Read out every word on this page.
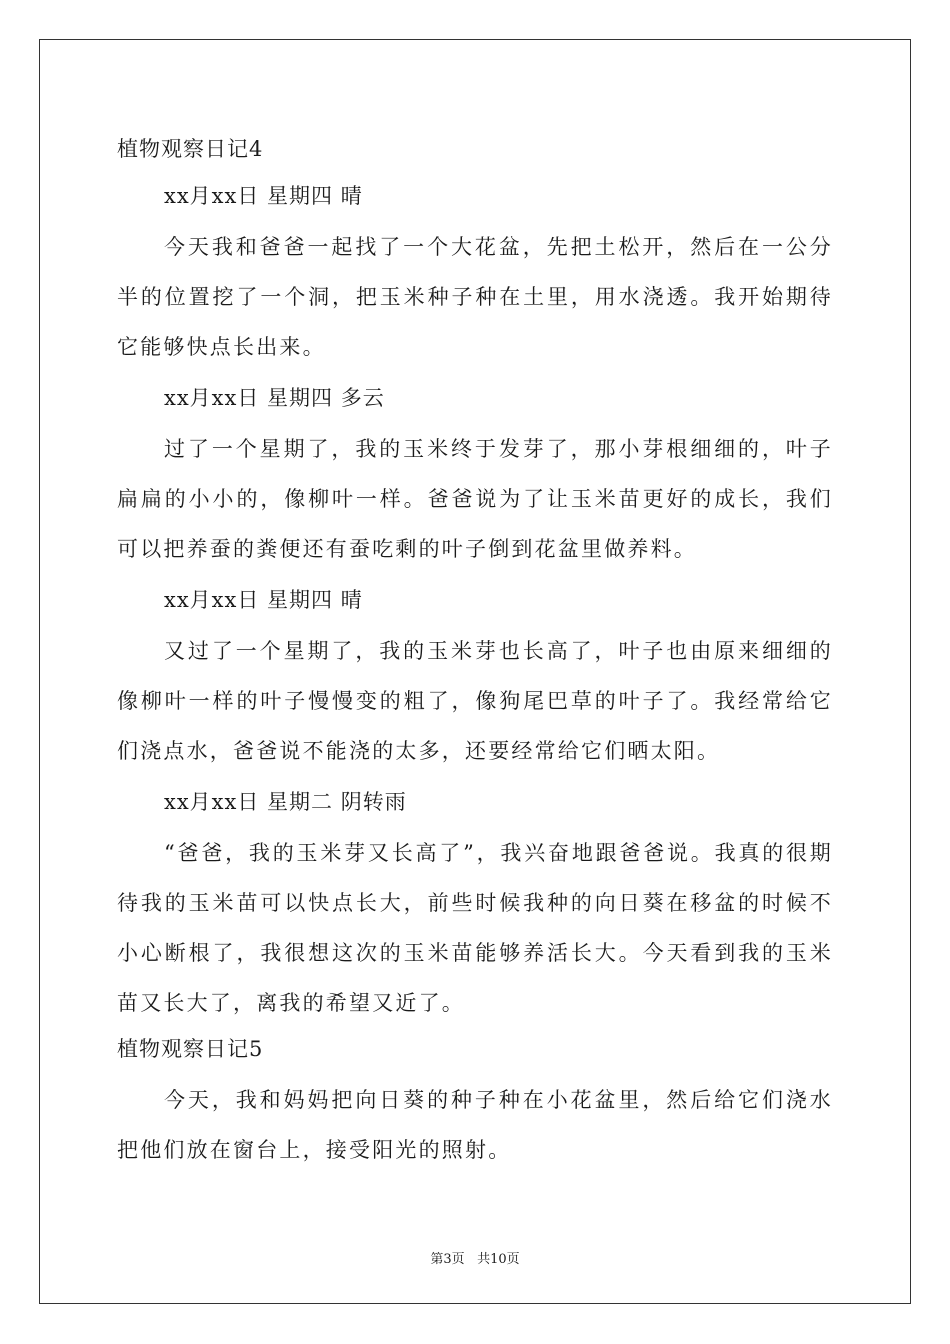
植物观察日记4
xx月xx日 星期四 晴

今天我和爸爸一起找了一个大花盆，先把土松开，然后在一公分半的位置挖了一个洞，把玉米种子种在土里，用水浇透。我开始期待它能够快点长出来。

xx月xx日 星期四 多云

过了一个星期了，我的玉米终于发芽了，那小芽根细细的，叶子扁扁的小小的，像柳叶一样。爸爸说为了让玉米苗更好的成长，我们可以把养蚕的粪便还有蚕吃剩的叶子倒到花盆里做养料。

xx月xx日 星期四 晴

又过了一个星期了，我的玉米芽也长高了，叶子也由原来细细的像柳叶一样的叶子慢慢变的粗了，像狗尾巴草的叶子了。我经常给它们浇点水，爸爸说不能浇的太多，还要经常给它们晒太阳。

xx月xx日 星期二 阴转雨

“爸爸，我的玉米芽又长高了”，我兴奋地跟爸爸说。我真的很期待我的玉米苗可以快点长大，前些时候我种的向日葵在移盆的时候不小心断根了，我很想这次的玉米苗能够养活长大。今天看到我的玉米苗又长大了，离我的希望又近了。

植物观察日记5

今天，我和妈妈把向日葵的种子种在小花盆里，然后给它们浇水把他们放在窗台上，接受阳光的照射。

第3页 共10页
